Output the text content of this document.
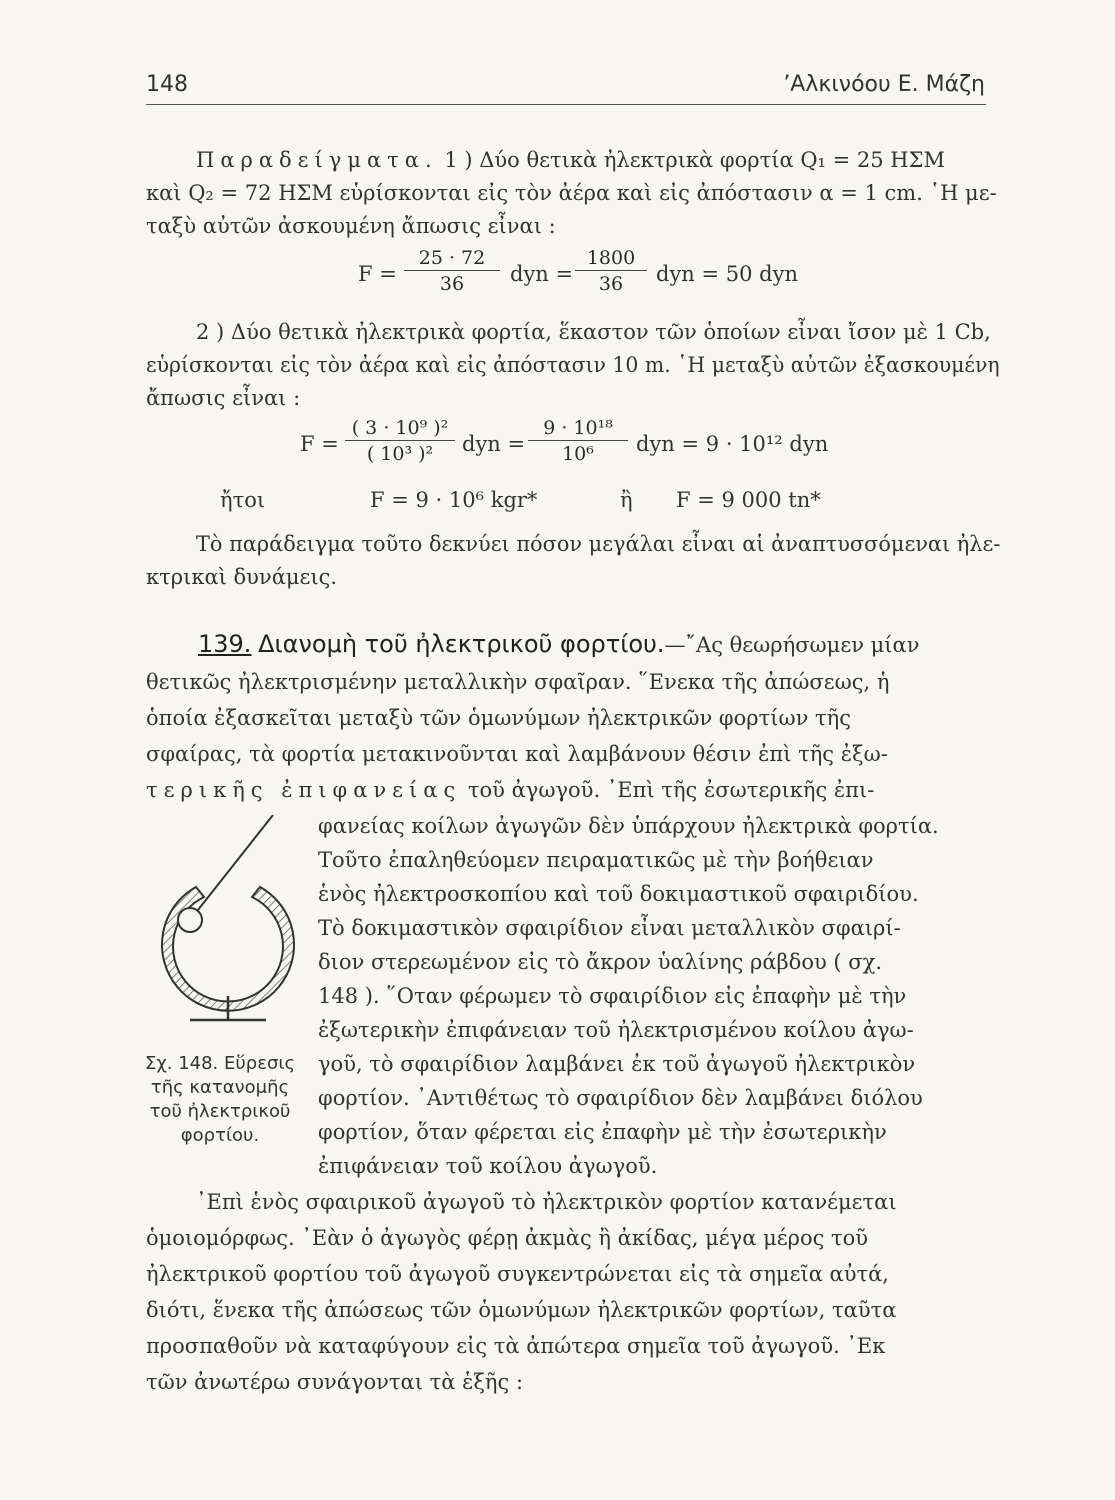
148	’Αλκινόου Ε. Μάζη
Παραδείγματα. 1 ) Δύο θετικὰ ἠλεκτρικὰ φορτία Q₁ = 25 ΗΣΜ
καὶ Q₂ = 72 ΗΣΜ εὑρίσκονται εἰς τὸν ἀέρα καὶ εἰς ἀπόστασιν α = 1 cm. ῾Η με-
ταξὺ αὐτῶν ἀσκουμένη ἄπωσις εἶναι :
$F = \frac{25 \cdot 72}{36}$ dyn = $\frac{1800}{36}$ dyn = 50 dyn
2 ) Δύο θετικὰ ἠλεκτρικὰ φορτία, ἕκαστον τῶν ὁποίων εἶναι ἴσον μὲ 1 Cb,
εὑρίσκονται εἰς τὸν ἀέρα καὶ εἰς ἀπόστασιν 10 m. ῾Η μεταξὺ αὐτῶν ἐξασκουμένη
ἄπωσις εἶναι :
$F = \frac{\text{( 3 · 10⁹ )²}}{\text{( 10³ )²}}$ dyn = $\frac{\text{9 · 10¹⁸}}{\text{10⁶}}$ dyn = 9 · 10¹² dyn
ἤτοι	F = 9 · 10⁶ kgr*	ἢ F = 9 000 tn*
Τὸ παράδειγμα τοῦτο δεκνύει πόσον μεγάλαι εἶναι αἱ ἀναπτυσσόμεναι ἠλε-
κτρικαὶ δυνάμεις.
139. Διανομὴ τοῦ ἠλεκτρικοῦ φορτίου.—῎Ας θεωρήσωμεν μίαν
θετικῶς ἠλεκτρισμένην μεταλλικὴν σφαῖραν. ῞Ενεκα τῆς ἀπώσεως, ἡ
ὁποία ἐξασκεῖται μεταξὺ τῶν ὁμωνύμων ἠλεκτρικῶν φορτίων τῆς
σφαίρας, τὰ φορτία μετακινοῦνται καὶ λαμβάνουν θέσιν ἐπὶ τῆς ἐξω-
τερικῆς ἐπιφανείας τοῦ ἀγωγοῦ. ᾽Επὶ τῆς ἐσωτερικῆς ἐπι-
φανείας κοίλων ἀγωγῶν δὲν ὑπάρχουν ἠλεκτρικὰ φορτία.
Τοῦτο ἐπαληθεύομεν πειραματικῶς μὲ τὴν βοήθειαν
ἑνὸς ἠλεκτροσκοπίου καὶ τοῦ δοκιμαστικοῦ σφαιριδίου.
Τὸ δοκιμαστικὸν σφαιρίδιον εἶναι μεταλλικὸν σφαιρί-
διον στερεωμένον εἰς τὸ ἄκρον ὑαλίνης ράβδου ( σχ.
148 ). ῞Οταν φέρωμεν τὸ σφαιρίδιον εἰς ἐπαφὴν μὲ τὴν
ἐξωτερικὴν ἐπιφάνειαν τοῦ ἠλεκτρισμένου κοίλου ἀγω-
γοῦ, τὸ σφαιρίδιον λαμβάνει ἐκ τοῦ ἀγωγοῦ ἠλεκτρικὸν
φορτίον. ᾽Αντιθέτως τὸ σφαιρίδιον δὲν λαμβάνει διόλου
φορτίον, ὅταν φέρεται εἰς ἐπαφὴν μὲ τὴν ἐσωτερικὴν
ἐπιφάνειαν τοῦ κοίλου ἀγωγοῦ.
Σχ. 148. Εὕρεσις
τῆς κατανομῆς
τοῦ ἠλεκτρικοῦ
φορτίου.
᾽Επὶ ἑνὸς σφαιρικοῦ ἀγωγοῦ τὸ ἠλεκτρικὸν φορτίον κατανέμεται
ὁμοιομόρφως. ᾽Εὰν ὁ ἀγωγὸς φέρῃ ἀκμὰς ἢ ἀκίδας, μέγα μέρος τοῦ
ἠλεκτρικοῦ φορτίου τοῦ ἀγωγοῦ συγκεντρώνεται εἰς τὰ σημεῖα αὐτά,
διότι, ἕνεκα τῆς ἀπώσεως τῶν ὁμωνύμων ἠλεκτρικῶν φορτίων, ταῦτα
προσπαθοῦν νὰ καταφύγουν εἰς τὰ ἀπώτερα σημεῖα τοῦ ἀγωγοῦ. ᾽Εκ
τῶν ἀνωτέρω συνάγονται τὰ ἑξῆς :
